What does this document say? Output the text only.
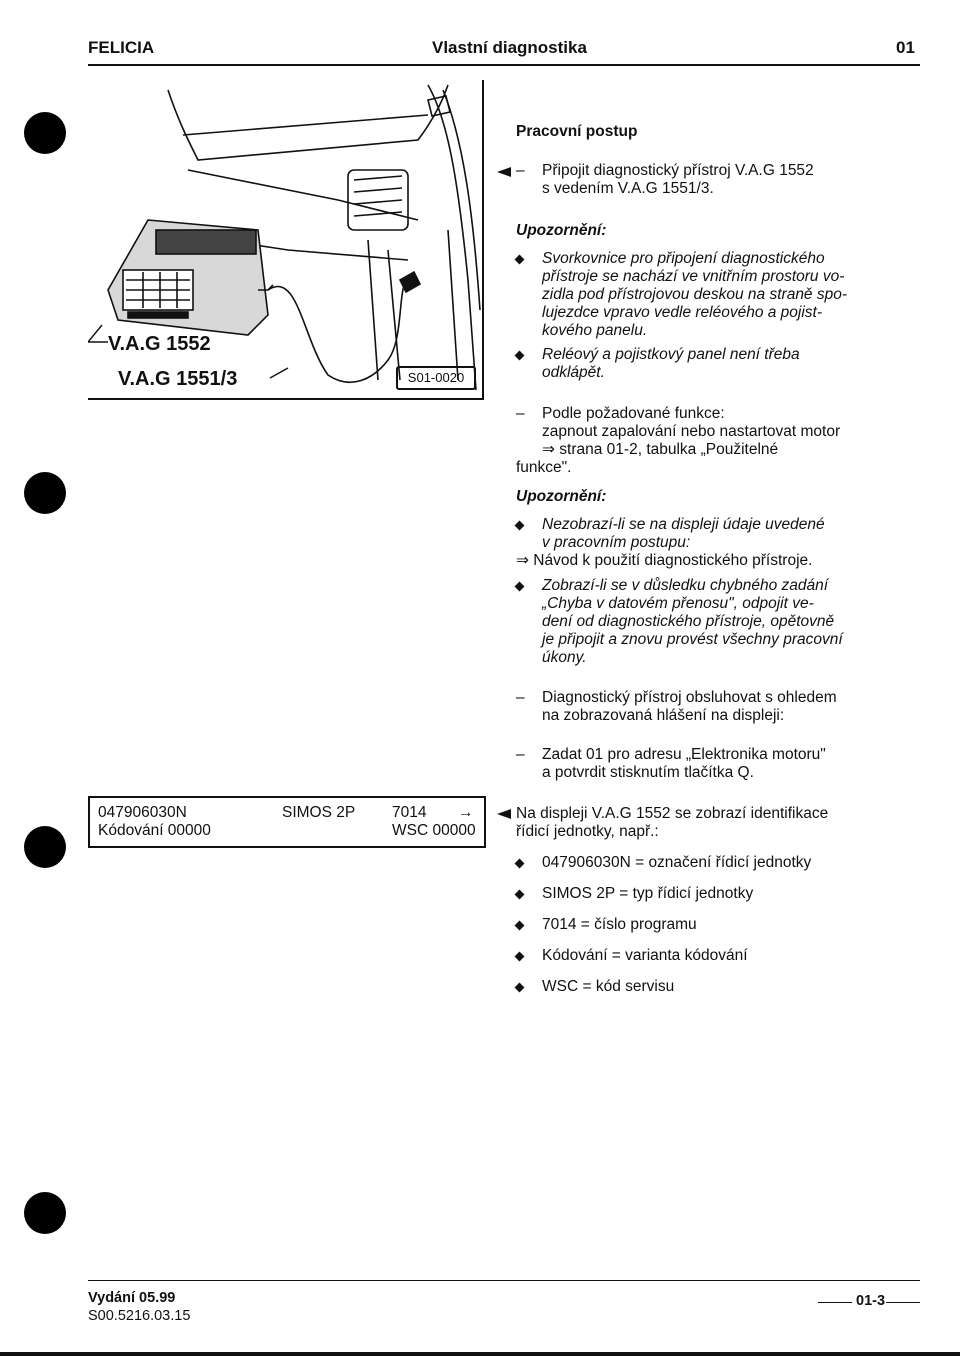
FELICIA	Vlastní diagnostika	01
V.A.G 1552
V.A.G 1551/3	S01-0020
Pracovní postup
– Připojit diagnostický přístroj V.A.G 1552
s vedením V.A.G 1551/3.
Upozornění:
Svorkovnice pro připojení diagnostického
přístroje se nachází ve vnitřním prostoru vo-
zidla pod přístrojovou deskou na straně spo-
lujezdce vpravo vedle reléového a pojist-
kového panelu.
Reléový a pojistkový panel není třeba
odklápět.
– Podle požadované funkce:
zapnout zapalování nebo nastartovat motor
⇒ strana 01-2, tabulka „Použitelné
funkce".
Upozornění:
Nezobrazí-li se na displeji údaje uvedené
v pracovním postupu:
⇒ Návod k použití diagnostického přístroje.
Zobrazí-li se v důsledku chybného zadání
„Chyba v datovém přenosu", odpojit ve-
dení od diagnostického přístroje, opětovně
je připojit a znovu provést všechny pracovní
úkony.
– Diagnostický přístroj obsluhovat s ohledem
na zobrazovaná hlášení na displeji:
– Zadat 01 pro adresu „Elektronika motoru"
a potvrdit stisknutím tlačítka Q.
047906030N	SIMOS 2P 7014 →
Kódování 00000	WSC 00000
Na displeji V.A.G 1552 se zobrazí identifikace
řídicí jednotky, např.:
047906030N = označení řídicí jednotky
SIMOS 2P = typ řídicí jednotky
7014 = číslo programu
Kódování = varianta kódování
WSC = kód servisu
Vydání 05.99
S00.5216.03.15
01-3
